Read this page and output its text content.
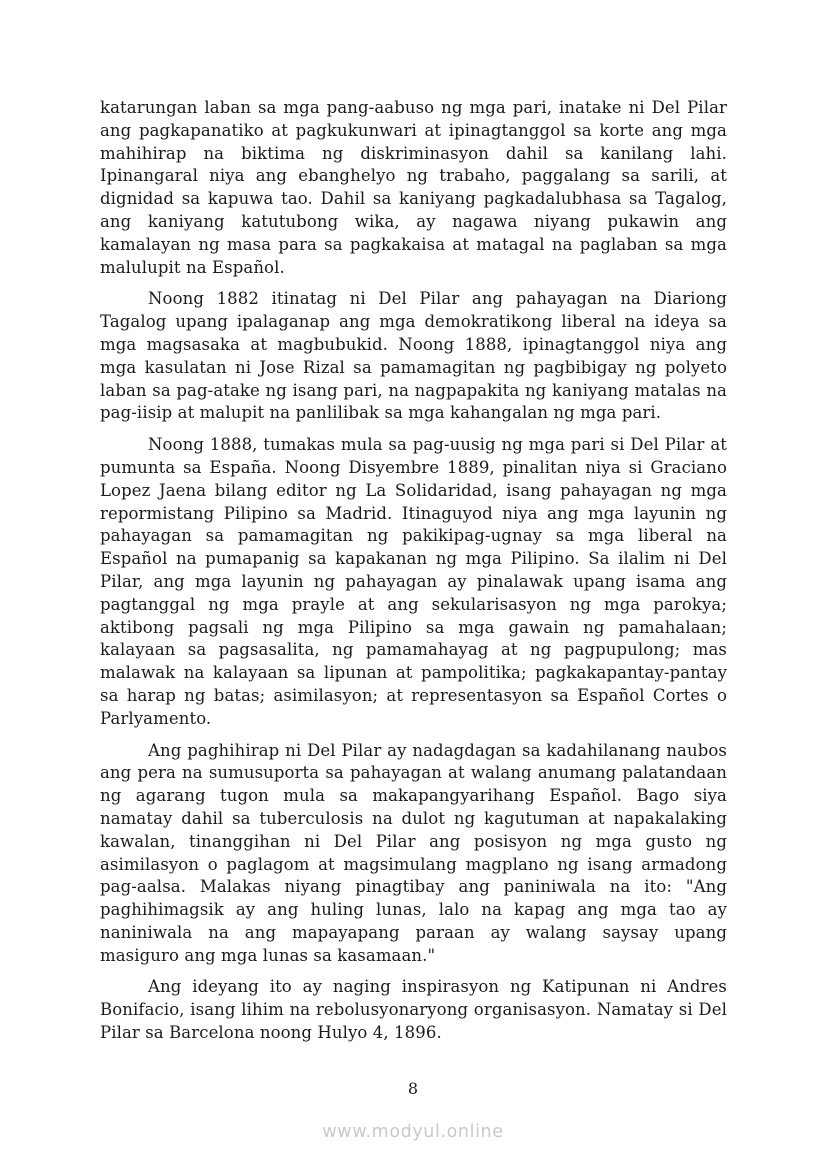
katarungan laban sa mga pang-aabuso ng mga pari, inatake ni Del Pilar ang pagkapanatiko at pagkukunwari at ipinagtanggol sa korte ang mga mahihirap na biktima ng diskriminasyon dahil sa kanilang lahi. Ipinangaral niya ang ebanghelyo ng trabaho, paggalang sa sarili, at dignidad sa kapuwa tao. Dahil sa kaniyang pagkadalubhasa sa Tagalog, ang kaniyang katutubong wika, ay nagawa niyang pukawin ang kamalayan ng masa para sa pagkakaisa at matagal na paglaban sa mga malulupit na Español.

Noong 1882 itinatag ni Del Pilar ang pahayagan na Diariong Tagalog upang ipalaganap ang mga demokratikong liberal na ideya sa mga magsasaka at magbubukid. Noong 1888, ipinagtanggol niya ang mga kasulatan ni Jose Rizal sa pamamagitan ng pagbibigay ng polyeto laban sa pag-atake ng isang pari, na nagpapakita ng kaniyang matalas na pag-iisip at malupit na panlilibak sa mga kahangalan ng mga pari.

Noong 1888, tumakas mula sa pag-uusig ng mga pari si Del Pilar at pumunta sa España. Noong Disyembre 1889, pinalitan niya si Graciano Lopez Jaena bilang editor ng La Solidaridad, isang pahayagan ng mga repormistang Pilipino sa Madrid. Itinaguyod niya ang mga layunin ng pahayagan sa pamamagitan ng pakikipag-ugnay sa mga liberal na Español na pumapanig sa kapakanan ng mga Pilipino. Sa ilalim ni Del Pilar, ang mga layunin ng pahayagan ay pinalawak upang isama ang pagtanggal ng mga prayle at ang sekularisasyon ng mga parokya; aktibong pagsali ng mga Pilipino sa mga gawain ng pamahalaan; kalayaan sa pagsasalita, ng pamamahayag at ng pagpupulong; mas malawak na kalayaan sa lipunan at pampolitika; pagkakapantay-pantay sa harap ng batas; asimilasyon; at representasyon sa Español Cortes o Parlyamento.

Ang paghihirap ni Del Pilar ay nadagdagan sa kadahilanang naubos ang pera na sumusuporta sa pahayagan at walang anumang palatandaan ng agarang tugon mula sa makapangyarihang Español. Bago siya namatay dahil sa tuberculosis na dulot ng kagutuman at napakalaking kawalan, tinanggihan ni Del Pilar ang posisyon ng mga gusto ng asimilasyon o paglagom at magsimulang magplano ng isang armadong pag-aalsa. Malakas niyang pinagtibay ang paniniwala na ito: "Ang paghihimagsik ay ang huling lunas, lalo na kapag ang mga tao ay naniniwala na ang mapayapang paraan ay walang saysay upang masiguro ang mga lunas sa kasamaan."

Ang ideyang ito ay naging inspirasyon ng Katipunan ni Andres Bonifacio, isang lihim na rebolusyonaryong organisasyon. Namatay si Del Pilar sa Barcelona noong Hulyo 4, 1896.

8
www.modyul.online
